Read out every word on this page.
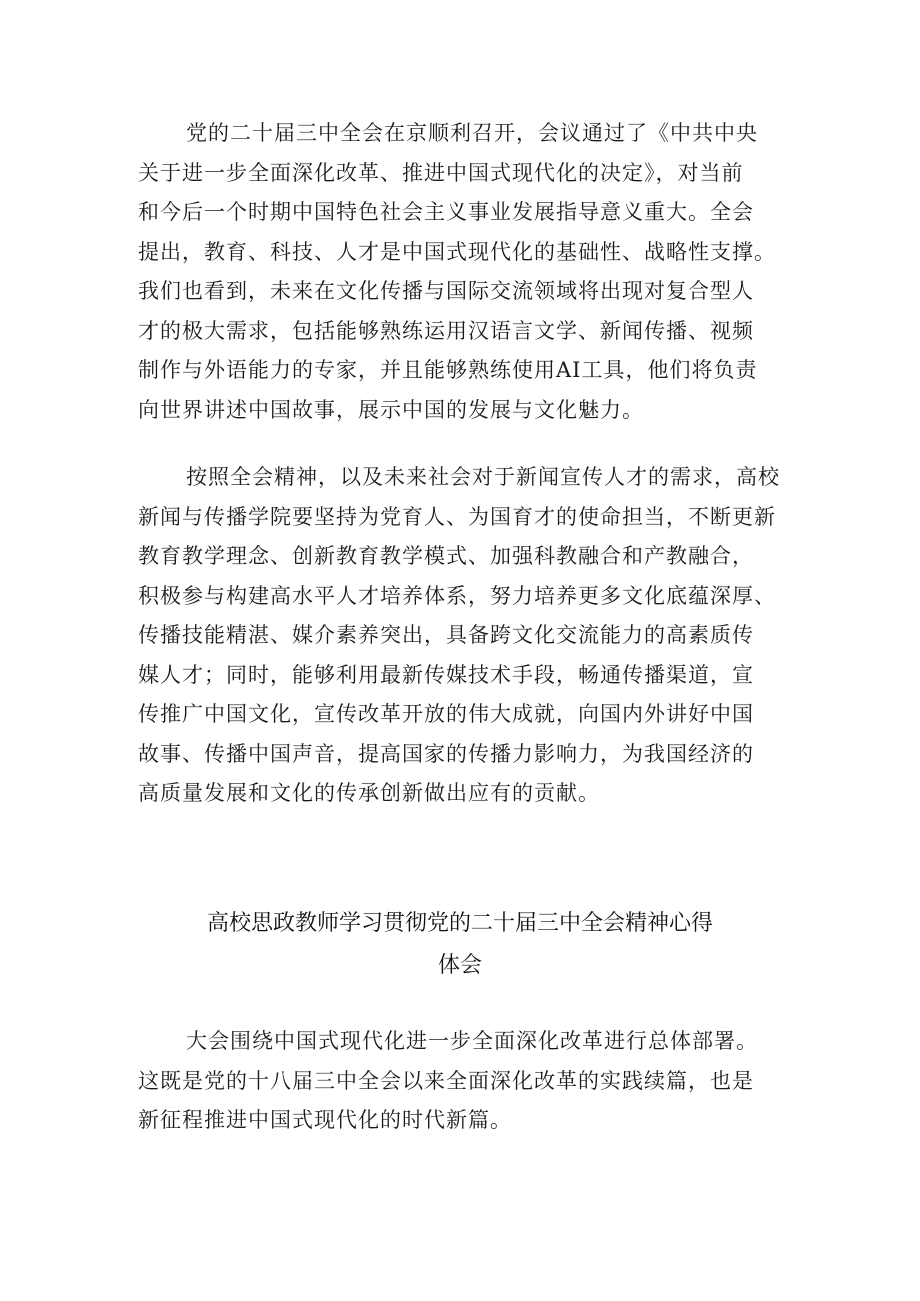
党的二十届三中全会在京顺利召开，会议通过了《中共中央
关于进一步全面深化改革、推进中国式现代化的决定》，对当前
和今后一个时期中国特色社会主义事业发展指导意义重大。全会
提出，教育、科技、人才是中国式现代化的基础性、战略性支撑。
我们也看到，未来在文化传播与国际交流领域将出现对复合型人
才的极大需求，包括能够熟练运用汉语言文学、新闻传播、视频
制作与外语能力的专家，并且能够熟练使用AI工具，他们将负责
向世界讲述中国故事，展示中国的发展与文化魅力。
按照全会精神，以及未来社会对于新闻宣传人才的需求，高校
新闻与传播学院要坚持为党育人、为国育才的使命担当，不断更新
教育教学理念、创新教育教学模式、加强科教融合和产教融合，
积极参与构建高水平人才培养体系，努力培养更多文化底蕴深厚、
传播技能精湛、媒介素养突出，具备跨文化交流能力的高素质传
媒人才；同时，能够利用最新传媒技术手段，畅通传播渠道，宣
传推广中国文化，宣传改革开放的伟大成就，向国内外讲好中国
故事、传播中国声音，提高国家的传播力影响力，为我国经济的
高质量发展和文化的传承创新做出应有的贡献。
高校思政教师学习贯彻党的二十届三中全会精神心得
体会
大会围绕中国式现代化进一步全面深化改革进行总体部署。
这既是党的十八届三中全会以来全面深化改革的实践续篇，也是
新征程推进中国式现代化的时代新篇。
